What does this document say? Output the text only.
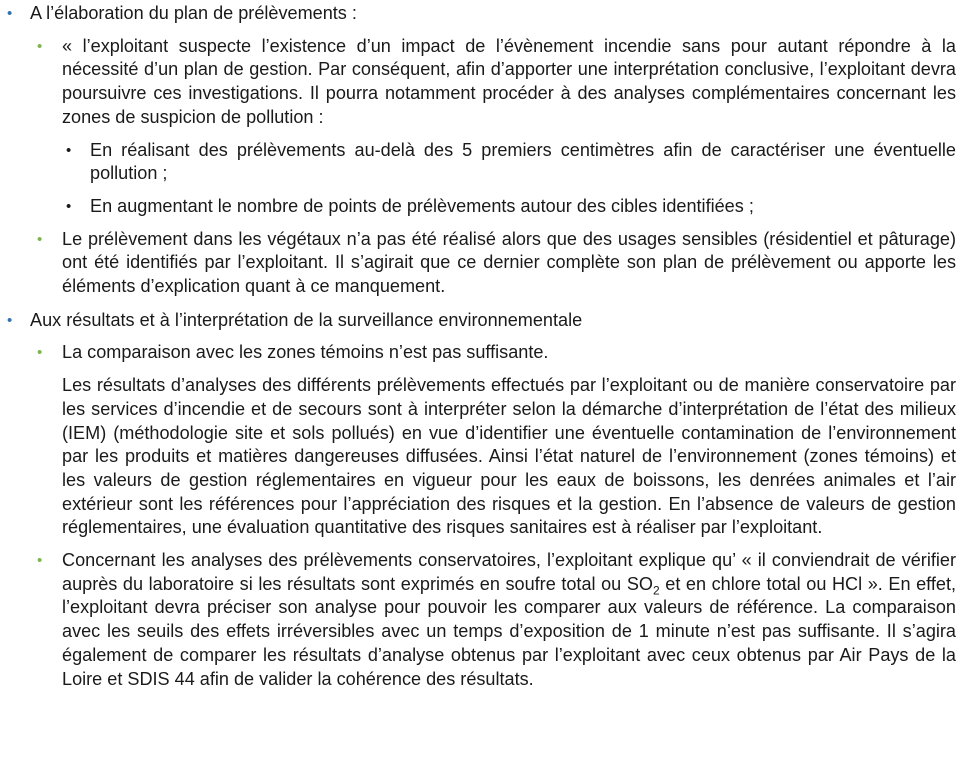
• A l’élaboration du plan de prélèvements :
• « l’exploitant suspecte l’existence d’un impact de l’évènement incendie sans pour autant répondre à la nécessité d’un plan de gestion. Par conséquent, afin d’apporter une interprétation conclusive, l’exploitant devra poursuivre ces investigations. Il pourra notamment procéder à des analyses complémentaires concernant les zones de suspicion de pollution :
• En réalisant des prélèvements au-delà des 5 premiers centimètres afin de caractériser une éventuelle pollution ;
• En augmentant le nombre de points de prélèvements autour des cibles identifiées ;
• Le prélèvement dans les végétaux n’a pas été réalisé alors que des usages sensibles (résidentiel et pâturage) ont été identifiés par l’exploitant. Il s’agirait que ce dernier complète son plan de prélèvement ou apporte les éléments d’explication quant à ce manquement.
• Aux résultats et à l’interprétation de la surveillance environnementale
• La comparaison avec les zones témoins n’est pas suffisante.
Les résultats d’analyses des différents prélèvements effectués par l’exploitant ou de manière conservatoire par les services d’incendie et de secours sont à interpréter selon la démarche d’interprétation de l’état des milieux (IEM) (méthodologie site et sols pollués) en vue d’identifier une éventuelle contamination de l’environnement par les produits et matières dangereuses diffusées. Ainsi l’état naturel de l’environnement (zones témoins) et les valeurs de gestion réglementaires en vigueur pour les eaux de boissons, les denrées animales et l’air extérieur sont les références pour l’appréciation des risques et la gestion. En l’absence de valeurs de gestion réglementaires, une évaluation quantitative des risques sanitaires est à réaliser par l’exploitant.
• Concernant les analyses des prélèvements conservatoires, l’exploitant explique qu’ « il conviendrait de vérifier auprès du laboratoire si les résultats sont exprimés en soufre total ou $SO_2$ et en chlore total ou HCl ». En effet, l’exploitant devra préciser son analyse pour pouvoir les comparer aux valeurs de référence. La comparaison avec les seuils des effets irréversibles avec un temps d’exposition de 1 minute n’est pas suffisante. Il s’agira également de comparer les résultats d’analyse obtenus par l’exploitant avec ceux obtenus par Air Pays de la Loire et SDIS 44 afin de valider la cohérence des résultats.
